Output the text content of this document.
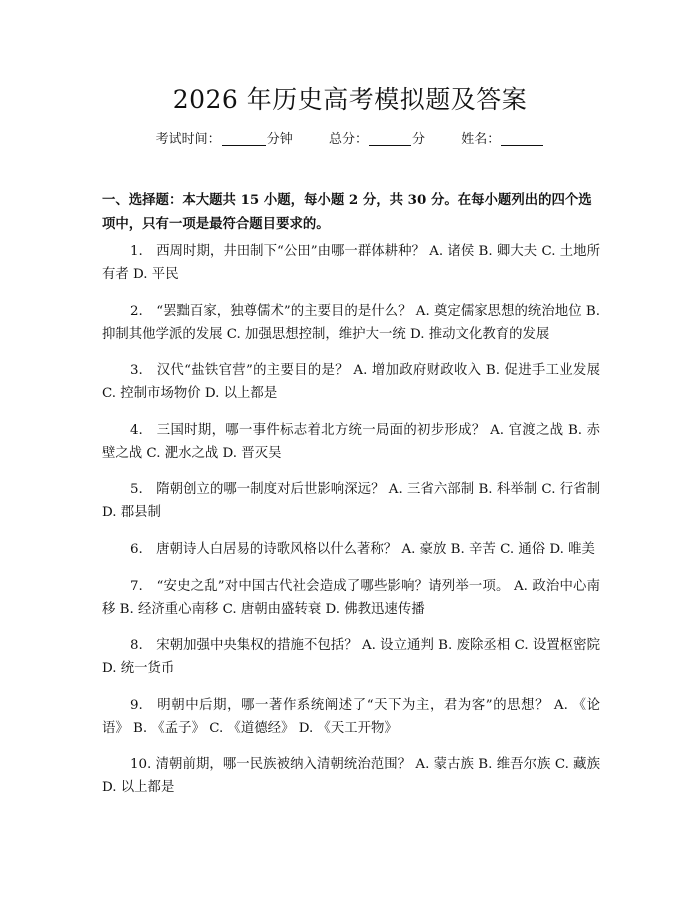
2026 年历史高考模拟题及答案
考试时间：	分钟	总分：	分	姓名：
一、选择题：本大题共 15 小题，每小题 2 分，共 30 分。在每小题列出的四个选项中，只有一项是最符合题目要求的。
1.　西周时期，井田制下“公田”由哪一群体耕种？ A. 诸侯 B. 卿大夫 C. 土地所有者 D. 平民
2.　“罢黜百家，独尊儒术”的主要目的是什么？ A. 奠定儒家思想的统治地位 B. 抑制其他学派的发展 C. 加强思想控制，维护大一统 D. 推动文化教育的发展
3.　汉代“盐铁官营”的主要目的是？ A. 增加政府财政收入 B. 促进手工业发展 C. 控制市场物价 D. 以上都是
4.　三国时期，哪一事件标志着北方统一局面的初步形成？ A. 官渡之战 B. 赤壁之战 C. 淝水之战 D. 晋灭吴
5.　隋朝创立的哪一制度对后世影响深远？ A. 三省六部制 B. 科举制 C. 行省制 D. 郡县制
6.　唐朝诗人白居易的诗歌风格以什么著称？ A. 豪放 B. 辛苦 C. 通俗 D. 唯美
7.　“安史之乱”对中国古代社会造成了哪些影响？请列举一项。 A. 政治中心南移 B. 经济重心南移 C. 唐朝由盛转衰 D. 佛教迅速传播
8.　宋朝加强中央集权的措施不包括？ A. 设立通判 B. 废除丞相 C. 设置枢密院 D. 统一货币
9.　明朝中后期，哪一著作系统阐述了“天下为主，君为客”的思想？ A. 《论语》 B. 《孟子》 C. 《道德经》 D. 《天工开物》
10. 清朝前期，哪一民族被纳入清朝统治范围？ A. 蒙古族 B. 维吾尔族 C. 藏族 D. 以上都是
